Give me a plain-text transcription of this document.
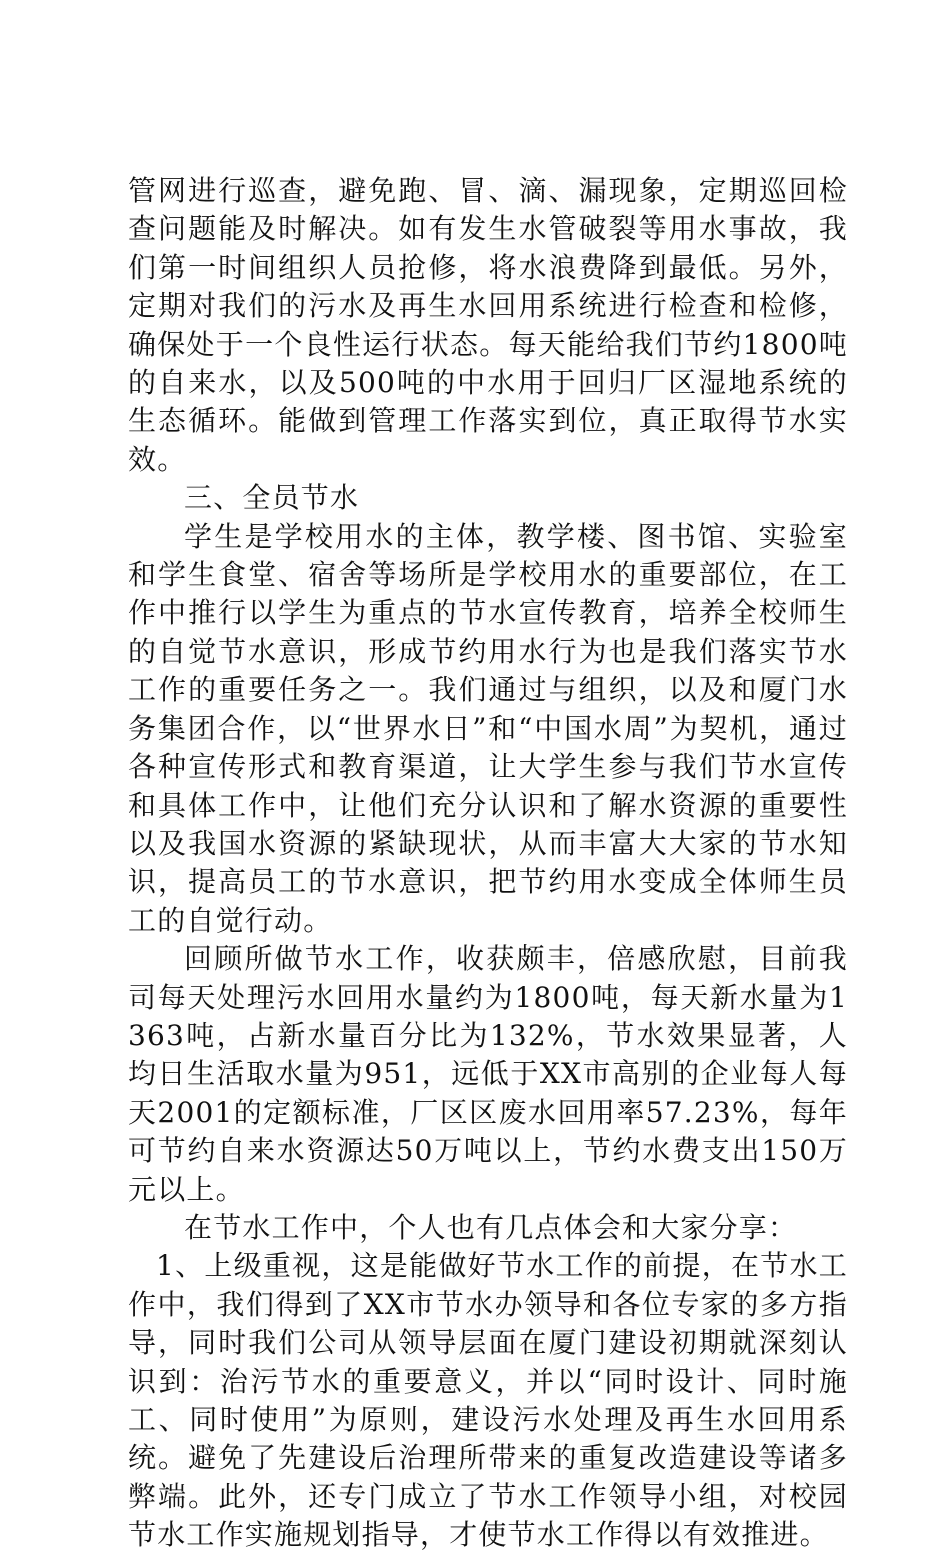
管网进行巡查，避免跑、冒、滴、漏现象，定期巡回检查问题能及时解决。如有发生水管破裂等用水事故，我们第一时间组织人员抢修，将水浪费降到最低。另外，定期对我们的污水及再生水回用系统进行检查和检修，确保处于一个良性运行状态。每天能给我们节约1800吨的自来水，以及500吨的中水用于回归厂区湿地系统的生态循环。能做到管理工作落实到位，真正取得节水实效。

三、全员节水

学生是学校用水的主体，教学楼、图书馆、实验室和学生食堂、宿舍等场所是学校用水的重要部位，在工作中推行以学生为重点的节水宣传教育，培养全校师生的自觉节水意识，形成节约用水行为也是我们落实节水工作的重要任务之一。我们通过与组织，以及和厦门水务集团合作，以“世界水日”和“中国水周”为契机，通过各种宣传形式和教育渠道，让大学生参与我们节水宣传和具体工作中，让他们充分认识和了解水资源的重要性以及我国水资源的紧缺现状，从而丰富大大家的节水知识，提高员工的节水意识，把节约用水变成全体师生员工的自觉行动。

回顾所做节水工作，收获颇丰，倍感欣慰，目前我司每天处理污水回用水量约为1800吨，每天新水量为1363吨，占新水量百分比为132%，节水效果显著，人均日生活取水量为951，远低于XX市高别的企业每人每天2001的定额标准，厂区区废水回用率57.23%，每年可节约自来水资源达50万吨以上，节约水费支出150万元以上。

在节水工作中，个人也有几点体会和大家分享：

1、上级重视，这是能做好节水工作的前提，在节水工作中，我们得到了XX市节水办领导和各位专家的多方指导，同时我们公司从领导层面在厦门建设初期就深刻认识到：治污节水的重要意义，并以“同时设计、同时施工、同时使用”为原则，建设污水处理及再生水回用系统。避免了先建设后治理所带来的重复改造建设等诸多弊端。此外，还专门成立了节水工作领导小组，对校园节水工作实施规划指导，才使节水工作得以有效推进。
